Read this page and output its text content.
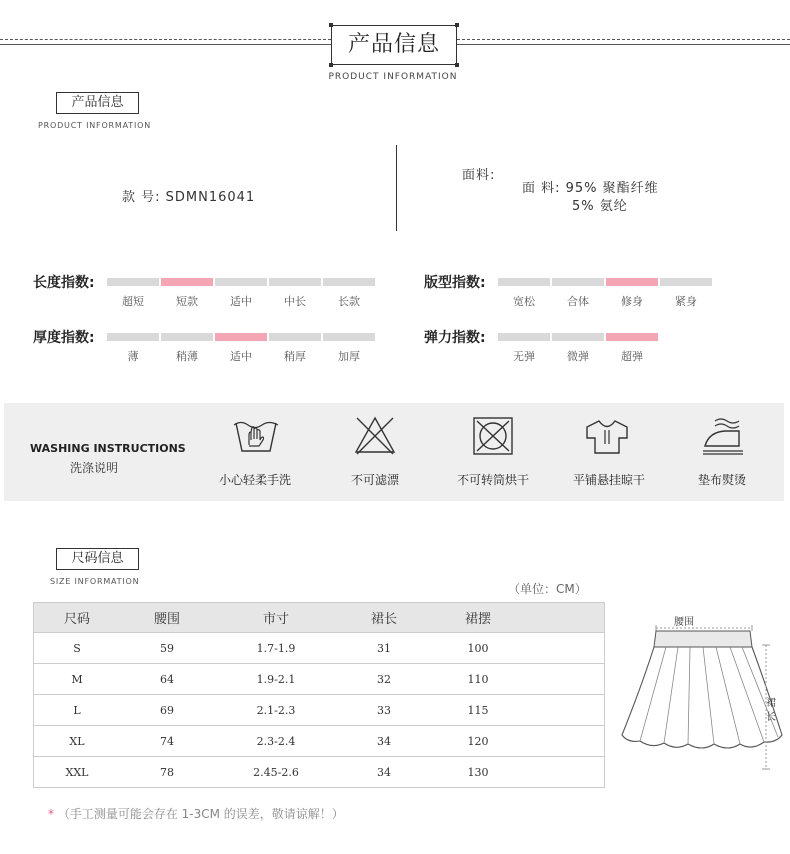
产品信息
PRODUCT INFORMATION
产品信息
PRODUCT INFORMATION
款 号: SDMN16041
面料:
面 料: 95% 聚酯纤维
5% 氨纶
长度指数:
超短	短款	适中	中长	长款
版型指数:
宽松	合体	修身	紧身
厚度指数:
薄	稍薄	适中	稍厚	加厚
弹力指数:
无弹	微弹	超弹
WASHING INSTRUCTIONS
洗涤说明
小心轻柔手洗	不可滤漂	不可转筒烘干	平铺悬挂晾干	垫布熨烫
尺码信息
SIZE INFORMATION
（单位：CM）
尺码	腰围	市寸	裙长	裙摆	
S	59	1.7-1.9	31	100	
M	64	1.9-2.1	32	110	
L	69	2.1-2.3	33	115	
XL	74	2.3-2.4	34	120	
XXL	78	2.45-2.6	34	130	
腰围
裙长
* （手工测量可能会存在 1-3CM 的误差，敬请谅解！）
